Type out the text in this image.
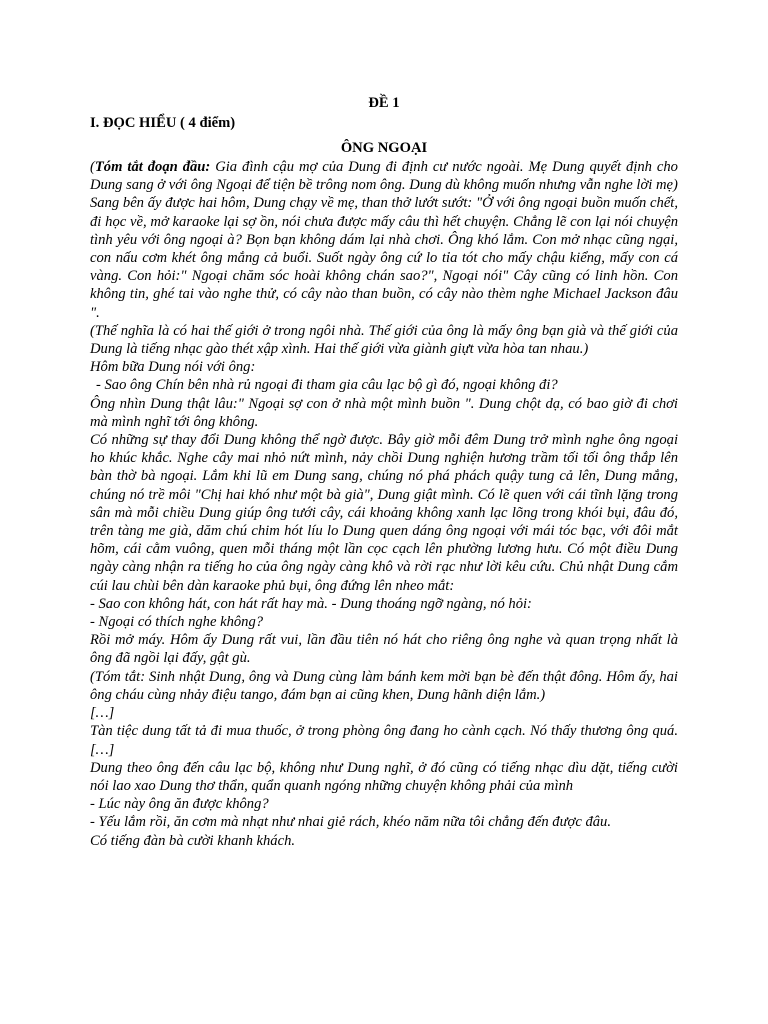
ĐỀ 1
I. ĐỌC HIỂU ( 4 điểm)
ÔNG NGOẠI

(Tóm tắt đoạn đầu: Gia đình cậu mợ của Dung đi định cư nước ngoài. Mẹ Dung quyết định cho Dung sang ở với ông Ngoại để tiện bề trông nom ông. Dung dù không muốn nhưng vẫn nghe lời mẹ)

Sang bên ấy được hai hôm, Dung chạy về mẹ, than thở lướt sướt: "Ở với ông ngoại buồn muốn chết, đi học về, mở karaoke lại sợ ồn, nói chưa được mấy câu thì hết chuyện. Chẳng lẽ con lại nói chuyện tình yêu với ông ngoại à? Bọn bạn không dám lại nhà chơi. Ông khó lắm. Con mở nhạc cũng ngại, con nấu cơm khét ông mắng cả buổi. Suốt ngày ông cứ lo tỉa tót cho mấy chậu kiểng, mấy con cá vàng. Con hỏi:" Ngoại chăm sóc hoài không chán sao?", Ngoại nói" Cây cũng có linh hồn. Con không tin, ghé tai vào nghe thử, có cây nào than buồn, có cây nào thèm nghe Michael Jackson đâu ".

(Thế nghĩa là có hai thế giới ở trong ngôi nhà. Thế giới của ông là mấy ông bạn già và thế giới của Dung là tiếng nhạc gào thét xập xình. Hai thế giới vừa giành giựt vừa hòa tan nhau.)

Hôm bữa Dung nói với ông:

- Sao ông Chín bên nhà rủ ngoại đi tham gia câu lạc bộ gì đó, ngoại không đi?

Ông nhìn Dung thật lâu:" Ngoại sợ con ở nhà một mình buồn ". Dung chột dạ, có bao giờ đi chơi mà mình nghĩ tới ông không.

Có những sự thay đổi Dung không thể ngờ được. Bây giờ mỗi đêm Dung trở mình nghe ông ngoại ho khúc khắc. Nghe cây mai nhỏ nứt mình, nảy chồi Dung nghiện hương trầm tối tối ông thắp lên bàn thờ bà ngoại. Lắm khi lũ em Dung sang, chúng nó phá phách quậy tung cả lên, Dung mắng, chúng nó trề môi "Chị hai khó như một bà già", Dung giật mình. Có lẽ quen với cái tĩnh lặng trong sân mà mỗi chiều Dung giúp ông tưới cây, cái khoảng không xanh lạc lõng trong khói bụi, đâu đó, trên tàng me già, dăm chú chim hót líu lo Dung quen dáng ông ngoại với mái tóc bạc, với đôi mắt hõm, cái cằm vuông, quen mỗi tháng một lần cọc cạch lên phường lương hưu. Có một điều Dung ngày càng nhận ra tiếng ho của ông ngày càng khô và rời rạc như lời kêu cứu. Chủ nhật Dung cắm cúi lau chùi bên dàn karaoke phủ bụi, ông đứng lên nheo mắt:

- Sao con không hát, con hát rất hay mà. - Dung thoáng ngỡ ngàng, nó hỏi:

- Ngoại có thích nghe không?

Rồi mở máy. Hôm ấy Dung rất vui, lần đầu tiên nó hát cho riêng ông nghe và quan trọng nhất là ông đã ngồi lại đấy, gật gù.

(Tóm tắt: Sinh nhật Dung, ông và Dung cùng làm bánh kem mời bạn bè đến thật đông. Hôm ấy, hai ông cháu cùng nhảy điệu tango, đám bạn ai cũng khen, Dung hãnh diện lắm.)

[…]

Tàn tiệc dung tất tả đi mua thuốc, ở trong phòng ông đang ho cành cạch. Nó thấy thương ông quá. […]

Dung theo ông đến câu lạc bộ, không như Dung nghĩ, ở đó cũng có tiếng nhạc dìu dặt, tiếng cười nói lao xao Dung thơ thẩn, quẩn quanh ngóng những chuyện không phải của mình

- Lúc này ông ăn được không?

- Yếu lắm rồi, ăn cơm mà nhạt như nhai giẻ rách, khéo năm nữa tôi chẳng đến được đâu.

Có tiếng đàn bà cười khanh khách.
